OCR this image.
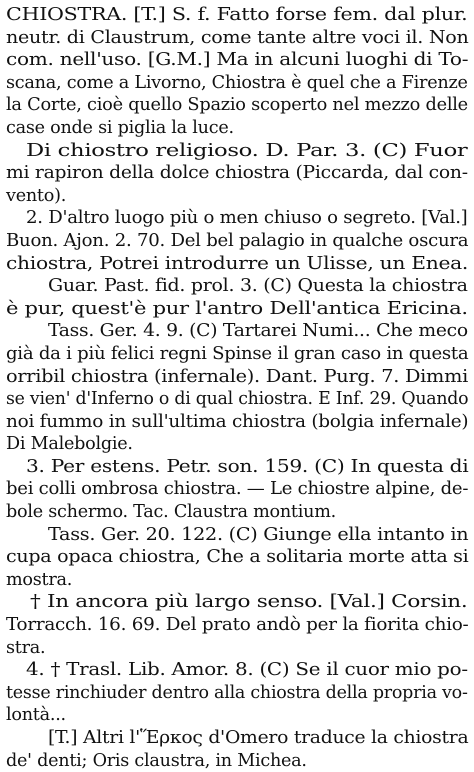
CHIOSTRA. [T.] S. f. Fatto forse fem. dal plur.
neutr. di Claustrum, come tante altre voci il. Non
com. nell'uso. [G.M.] Ma in alcuni luoghi di To-
scana, come a Livorno, Chiostra è quel che a Firenze
la Corte, cioè quello Spazio scoperto nel mezzo delle
case onde si piglia la luce.
Di chiostro religioso. D. Par. 3. (C) Fuor
mi rapiron della dolce chiostra (Piccarda, dal con-
vento).
2. D'altro luogo più o men chiuso o segreto. [Val.]
Buon. Ajon. 2. 70. Del bel palagio in qualche oscura
chiostra, Potrei introdurre un Ulisse, un Enea.
Guar. Past. fid. prol. 3. (C) Questa la chiostra
è pur, quest'è pur l'antro Dell'antica Ericina.
Tass. Ger. 4. 9. (C) Tartarei Numi... Che meco
già da i più felici regni Spinse il gran caso in questa
orribil chiostra (infernale). Dant. Purg. 7. Dimmi
se vien' d'Inferno o di qual chiostra. E Inf. 29. Quando
noi fummo in sull'ultima chiostra (bolgia infernale)
Di Malebolgie.
3. Per estens. Petr. son. 159. (C) In questa di
bei colli ombrosa chiostra. — Le chiostre alpine, de-
bole schermo. Tac. Claustra montium.
Tass. Ger. 20. 122. (C) Giunge ella intanto in
cupa opaca chiostra, Che a solitaria morte atta si
mostra.
† In ancora più largo senso. [Val.] Corsin.
Torracch. 16. 69. Del prato andò per la fiorita chio-
stra.
4. † Trasl. Lib. Amor. 8. (C) Se il cuor mio po-
tesse rinchiuder dentro alla chiostra della propria vo-
lontà...
[T.] Altri l'Ἕρκος d'Omero traduce la chiostra
de' denti; Oris claustra, in Michea.
